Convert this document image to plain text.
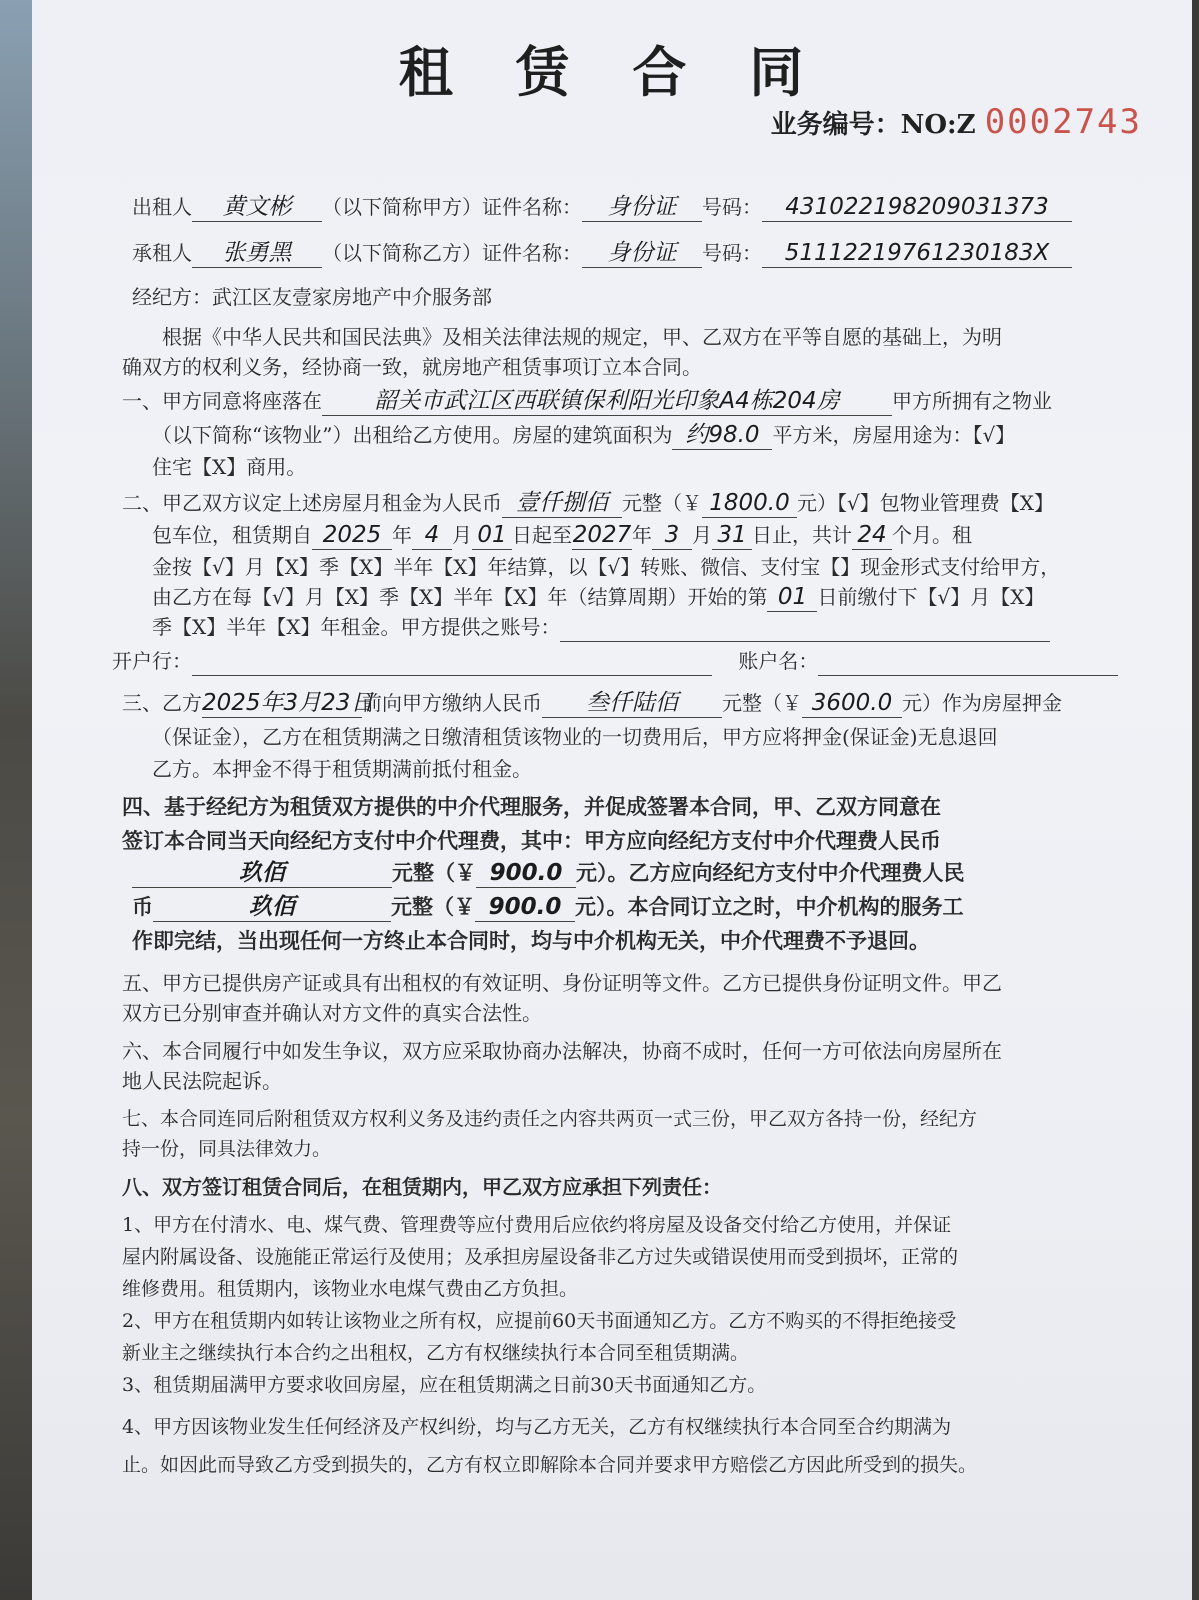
租 赁 合 同
业务编号：NO:Z 0002743
出租人 黄文彬 （以下简称甲方）证件名称： 身份证 号码： 431022198209031373
承租人 张勇黑 （以下简称乙方）证件名称： 身份证 号码： 51112219761230183X
经纪方：武江区友壹家房地产中介服务部
根据《中华人民共和国民法典》及相关法律法规的规定，甲、乙双方在平等自愿的基础上，为明
确双方的权利义务，经协商一致，就房地产租赁事项订立本合同。
一、甲方同意将座落在 韶关市武江区西联镇保利阳光印象A4栋204房	甲方所拥有之物业
（以下简称“该物业”）出租给乙方使用。房屋的建筑面积为 约98.0 平方米，房屋用途为：【√】
住宅【X】商用。
二、甲乙双方议定上述房屋月租金为人民币 壹仟捌佰 元整（￥ 1800.0 元）【√】包物业管理费【X】
包车位，租赁期自 2025 年 4 月 01 日起至2027年 3 月 31 日止，共计 24 个月。租
金按【√】月【X】季【X】半年【X】年结算，以【√】转账、微信、支付宝【】现金形式支付给甲方，
由乙方在每【√】月【X】季【X】半年【X】年（结算周期）开始的第 01 日前缴付下【√】月【X】
季【X】半年【X】年租金。甲方提供之账号：
开户行：	账户名：
三、乙方2025年3月23日前向甲方缴纳人民币 叁仟陆佰 元整（￥ 3600.0 元）作为房屋押金
（保证金），乙方在租赁期满之日缴清租赁该物业的一切费用后，甲方应将押金(保证金)无息退回
乙方。本押金不得于租赁期满前抵付租金。
四、基于经纪方为租赁双方提供的中介代理服务，并促成签署本合同，甲、乙双方同意在
签订本合同当天向经纪方支付中介代理费，其中：甲方应向经纪方支付中介代理费人民币
玖佰	元整（￥ 900.0 元）。乙方应向经纪方支付中介代理费人民
币	玖佰	元整（￥ 900.0 元）。本合同订立之时，中介机构的服务工
作即完结，当出现任何一方终止本合同时，均与中介机构无关，中介代理费不予退回。
五、甲方已提供房产证或具有出租权的有效证明、身份证明等文件。乙方已提供身份证明文件。甲乙
双方已分别审查并确认对方文件的真实合法性。
六、本合同履行中如发生争议，双方应采取协商办法解决，协商不成时，任何一方可依法向房屋所在
地人民法院起诉。
七、本合同连同后附租赁双方权利义务及违约责任之内容共两页一式三份，甲乙双方各持一份，经纪方
持一份，同具法律效力。
八、双方签订租赁合同后，在租赁期内，甲乙双方应承担下列责任：
1、甲方在付清水、电、煤气费、管理费等应付费用后应依约将房屋及设备交付给乙方使用，并保证
屋内附属设备、设施能正常运行及使用；及承担房屋设备非乙方过失或错误使用而受到损坏，正常的
维修费用。租赁期内，该物业水电煤气费由乙方负担。
2、甲方在租赁期内如转让该物业之所有权，应提前60天书面通知乙方。乙方不购买的不得拒绝接受
新业主之继续执行本合约之出租权，乙方有权继续执行本合同至租赁期满。
3、租赁期届满甲方要求收回房屋，应在租赁期满之日前30天书面通知乙方。
4、甲方因该物业发生任何经济及产权纠纷，均与乙方无关，乙方有权继续执行本合同至合约期满为
止。如因此而导致乙方受到损失的，乙方有权立即解除本合同并要求甲方赔偿乙方因此所受到的损失。
